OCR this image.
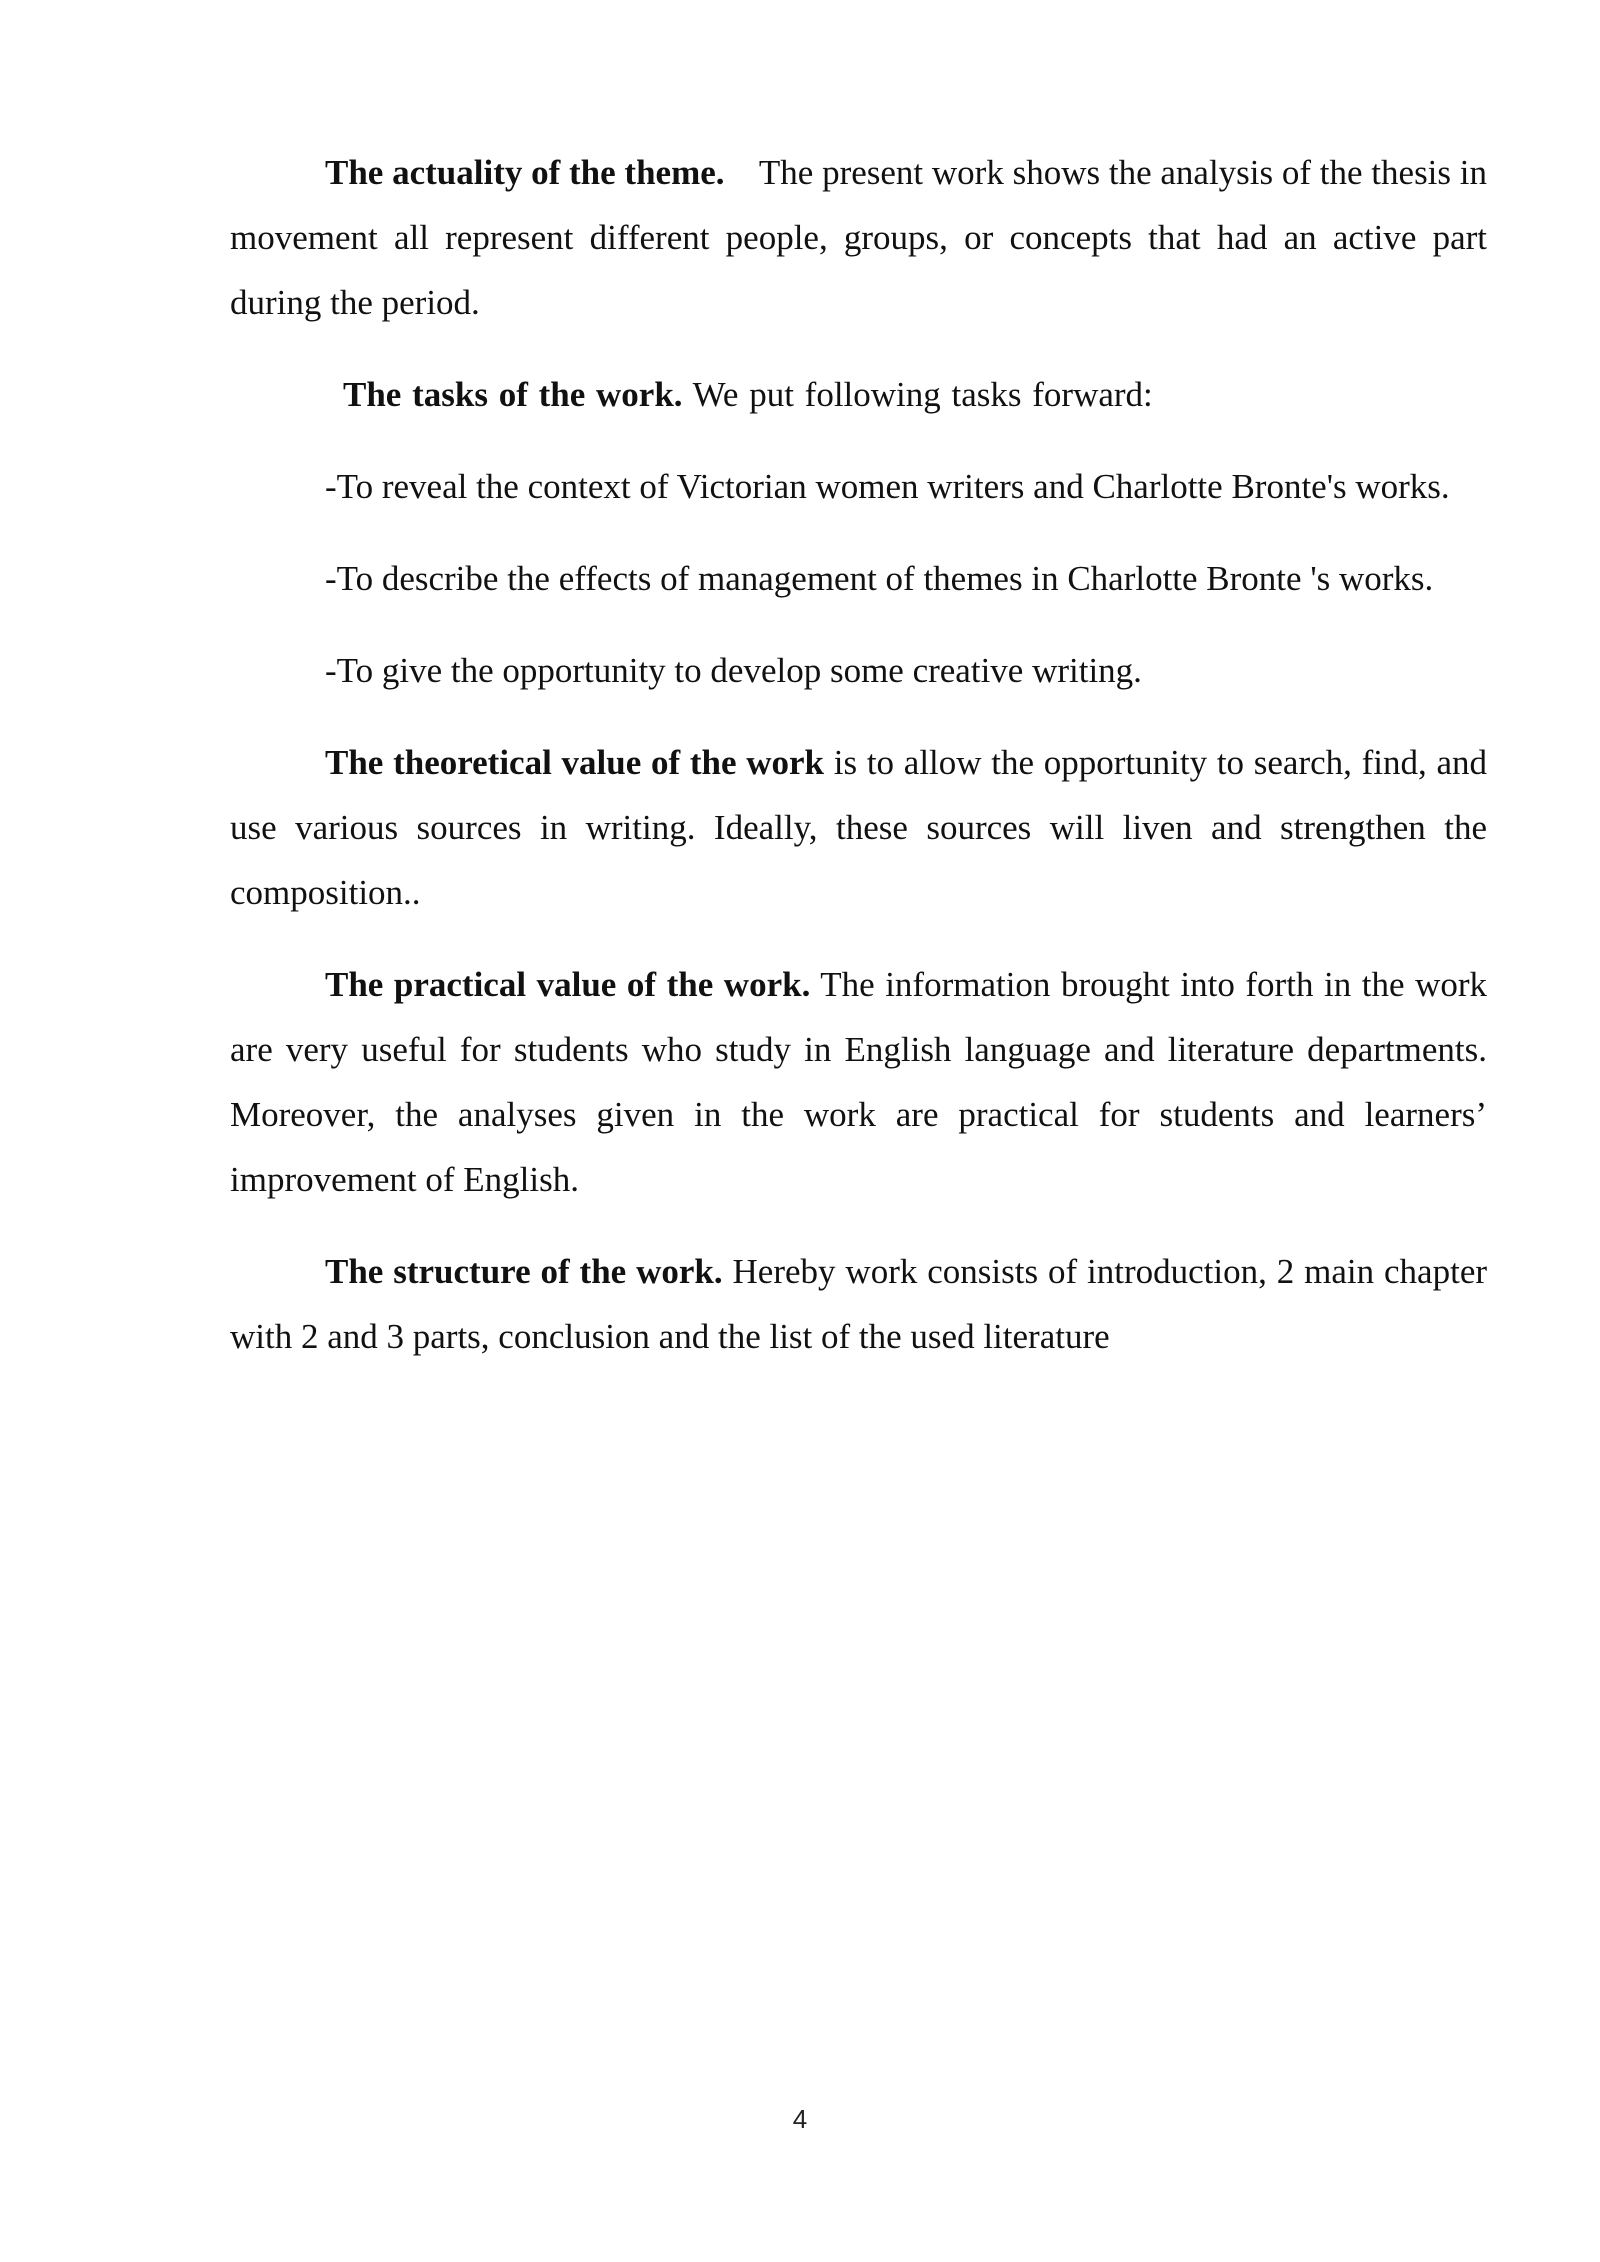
The actuality of the theme. The present work shows the analysis of the thesis in movement all represent different people, groups, or concepts that had an active part during the period.

The tasks of the work. We put following tasks forward:

-To reveal the context of Victorian women writers and Charlotte Bronte's works.

-To describe the effects of management of themes in Charlotte Bronte 's works.

-To give the opportunity to develop some creative writing.

The theoretical value of the work is to allow the opportunity to search, find, and use various sources in writing. Ideally, these sources will liven and strengthen the composition..

The practical value of the work. The information brought into forth in the work are very useful for students who study in English language and literature departments. Moreover, the analyses given in the work are practical for students and learners’ improvement of English.

The structure of the work. Hereby work consists of introduction, 2 main chapter with 2 and 3 parts, conclusion and the list of the used literature

4
